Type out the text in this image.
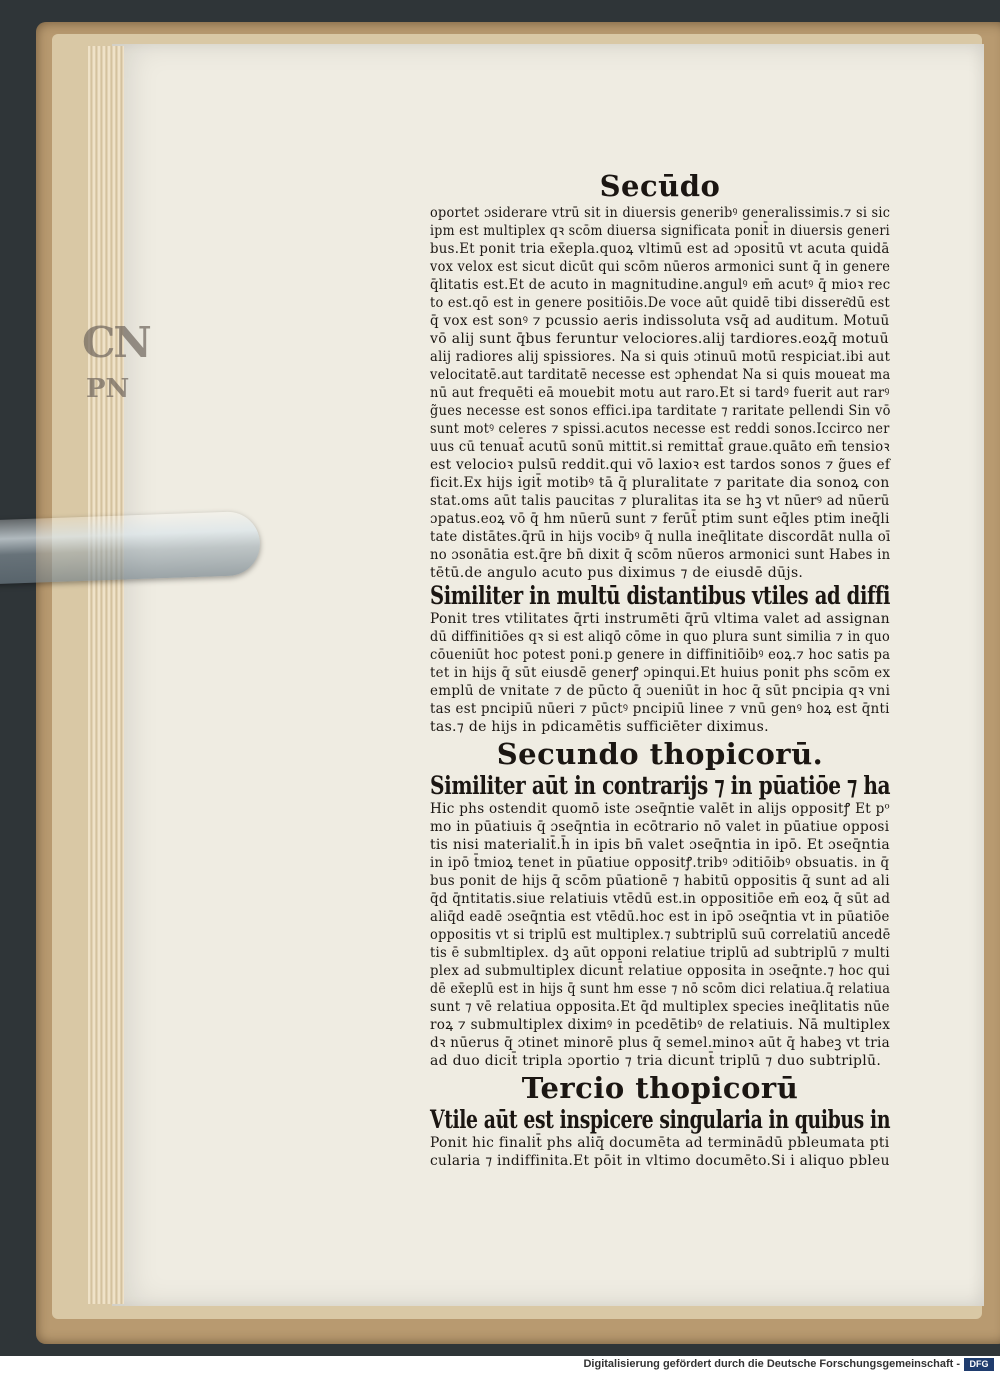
CN
PN
Secūdo
oportet ɔsiderare vtrū sit in diuersis generibꝰ generalissimis.⁊ si sic
ipm est multiplex qꝛ scōm diuersa significata ponit̄ in diuersis generi
bus.Et ponit tria ex̄epla.quoꝝ vltimū est ad ɔpositū vt acuta quidā
vox velox est sicut dicūt qui scōm nūeros armonici sunt q̄ in genere
q̄litatis est.Et de acuto in magnitudine.angulꝰ em̄ acutꝰ q̄ mioꝛ rec
to est.qō est in genere positiōis.De voce aūt quidē tibi dissere͂dū est
q̄ vox est sonꝰ ⁊ pcussio aeris indissoluta vsq̄ ad auditum. Motuū
vō alij sunt q̄bus feruntur velociores.alij tardiores.eoꝝq̄ motuū
alij radiores alij spissiores. Na si quis ɔtinuū motū respiciat.ibi aut
velocitatē.aut tarditatē necesse est ɔphendat Na si quis moueat ma
nū aut frequēti eā mouebit motu aut raro.Et si tardꝰ fuerit aut rarꝰ
g̃ues necesse est sonos effici.ipa tarditate ⁊ raritate pellendi Sin vō
sunt motꝰ celeres ⁊ spissi.acutos necesse est reddi sonos.Iccirco ner
uus cū tenuat̄ acutū sonū mittit.si remittat̄ graue.quāto em̄ tensioꝛ
est velocioꝛ pulsū reddit.qui vō laxioꝛ est tardos sonos ⁊ g̃ues ef
ficit.Ex hijs igit̄ motibꝰ tā q̄ pluralitate ⁊ paritate dia sonoꝝ con
stat.oms aūt talis paucitas ⁊ pluralitas ita se hꝫ vt nūerꝰ ad nūerū
ɔpatus.eoꝝ vō q̄ hm nūerū sunt ⁊ ferūt̄ ptim sunt eq̄les ptim ineq̄li
tate distātes.q̄rū in hijs vocibꝰ q̄ nulla ineq̄litate discordāt nulla oī
no ɔsonātia est.q̄re bn̄ dixit q̄ scōm nūeros armonici sunt Habes in
tētū.de angulo acuto pus diximus ⁊ de eiusdē dūjs.
Similiter in multū distantibus vtiles ad diffi
Ponit tres vtilitates q̄rti instrumēti q̄rū vltima valet ad assignan
dū diffinitiōes qꝛ si est aliqō cōme in quo plura sunt similia ⁊ in quo
cōueniūt hoc potest poni.p genere in diffinitiōibꝰ eoꝝ.⁊ hoc satis pa
tet in hijs q̄ sūt eiusdē generꝭ ɔpinqui.Et huius ponit phs scōm ex
emplū de vnitate ⁊ de pūcto q̄ ɔueniūt in hoc q̄ sūt pncipia qꝛ vni
tas est pncipiū nūeri ⁊ pūctꝰ pncipiū linee ⁊ vnū genꝰ hoꝝ est q̄nti
tas.⁊ de hijs in pdicamētis sufficiēter diximus.
Secundo thopicorū.
Similiter aūt in contrarijs ⁊ in pūatiōe ⁊ ha
Hic phs ostendit quomō iste ɔseq̄ntie valēt in alijs oppositꝭ Et pᵒ
mo in pūatiuis q̄ ɔseq̄ntia in ecōtrario nō valet in pūatiue opposi
tis nisi materialit̄.h̄ in ipis bn̄ valet ɔseq̄ntia in ipō. Et ɔseq̄ntia
in ipō t̄mioꝝ tenet in pūatiue oppositꝭ.tribꝰ ɔditiōibꝰ obsuatis. in q̄
bus ponit de hijs q̄ scōm pūationē ⁊ habitū oppositis q̄ sunt ad ali
q̄d q̄ntitatis.siue relatiuis vtēdū est.in oppositiōe em̄ eoꝝ q̄ sūt ad
aliq̄d eadē ɔseq̄ntia est vtēdū.hoc est in ipō ɔseq̄ntia vt in pūatiōe
oppositis vt si triplū est multiplex.⁊ subtriplū suū correlatiū ancedē
tis ē submltiplex. dꝫ aūt opponi relatiue triplū ad subtriplū ⁊ multi
plex ad submultiplex dicunt̄ relatiue opposita in ɔseq̄nte.⁊ hoc qui
dē ex̄eplū est in hijs q̄ sunt hm esse ⁊ nō scōm dici relatiua.q̄ relatiua
sunt ⁊ vē relatiua opposita.Et q̄d multiplex species ineq̄litatis nūe
roꝝ ⁊ submultiplex diximꝰ in pcedētibꝰ de relatiuis. Nā multiplex
dꝛ nūerus q̄ ɔtinet minorē plus q̄ semel.minoꝛ aūt q̄ habeꝫ vt tria
ad duo dicit̄ tripla ɔportio ⁊ tria dicunt̄ triplū ⁊ duo subtriplū.
Tercio thopicorū
Vtile aūt est inspicere singularia in quibus in
Ponit hic finalit̄ phs aliq̄ documēta ad terminādū pbleumata pti
cularia ⁊ indiffinita.Et pōit in vltimo documēto.Si i aliquo pbleu
Digitalisierung gefördert durch die Deutsche Forschungsgemeinschaft -	DFG
